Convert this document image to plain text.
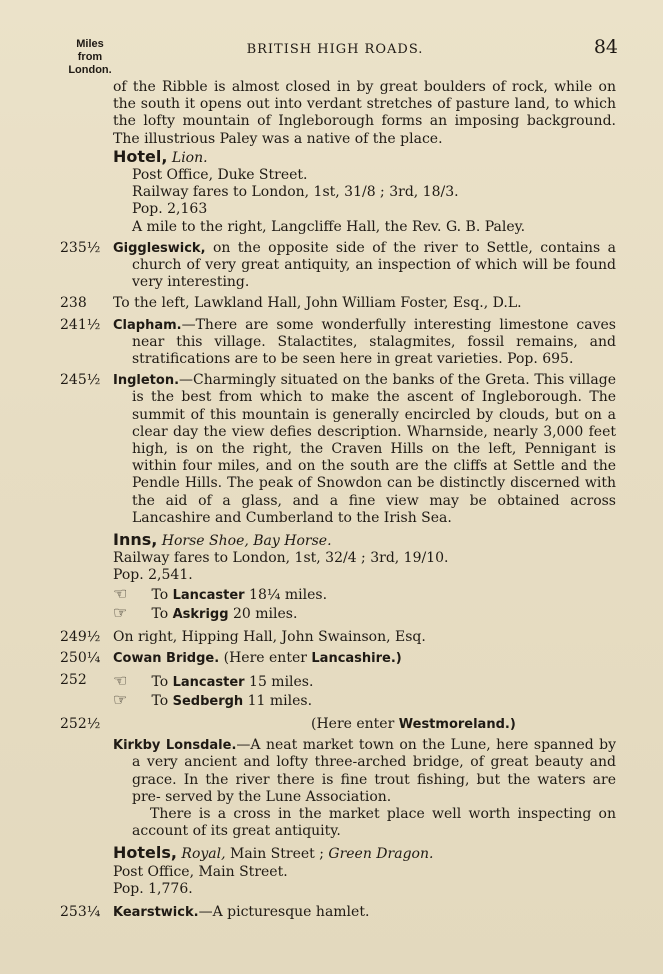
Miles
from
London.
BRITISH HIGH ROADS.	84
of the Ribble is almost closed in by great boulders of rock, while on the south it opens out into verdant stretches of pasture land, to which the lofty mountain of Ingleborough forms an imposing background. The illustrious Paley was a native of the place.
Hotel, Lion.
Post Office, Duke Street.
Railway fares to London, 1st, 31/8 ; 3rd, 18/3.
Pop. 2,163
A mile to the right, Langcliffe Hall, the Rev. G. B. Paley.
235½ Giggleswick, on the opposite side of the river to Settle, contains a church of very great antiquity, an inspection of which will be found very interesting.
238	To the left, Lawkland Hall, John William Foster, Esq., D.L.
241½ Clapham.—There are some wonderfully interesting limestone caves near this village. Stalactites, stalagmites, fossil remains, and stratifications are to be seen here in great varieties. Pop. 695.
245½ Ingleton.—Charmingly situated on the banks of the Greta. This village is the best from which to make the ascent of Ingleborough. The summit of this mountain is generally encircled by clouds, but on a clear day the view defies description. Wharnside, nearly 3,000 feet high, is on the right, the Craven Hills on the left, Pennigant is within four miles, and on the south are the cliffs at Settle and the Pendle Hills. The peak of Snowdon can be distinctly discerned with the aid of a glass, and a fine view may be obtained across Lancashire and Cumberland to the Irish Sea.
Inns, Horse Shoe, Bay Horse.
Railway fares to London, 1st, 32/4 ; 3rd, 19/10.
Pop. 2,541.
☜ To Lancaster 18¼ miles.
☞ To Askrigg 20 miles.
249½ On right, Hipping Hall, John Swainson, Esq.
250¼ Cowan Bridge. (Here enter Lancashire.)
252	☜ To Lancaster 15 miles.
☞ To Sedbergh 11 miles.
252½	(Here enter Westmoreland.)
Kirkby Lonsdale.—A neat market town on the Lune, here spanned by a very ancient and lofty three-arched bridge, of great beauty and grace. In the river there is fine trout fishing, but the waters are pre- served by the Lune Association.
There is a cross in the market place well worth inspecting on account of its great antiquity.
Hotels, Royal, Main Street ; Green Dragon.
Post Office, Main Street.
Pop. 1,776.
253¼ Kearstwick.—A picturesque hamlet.
